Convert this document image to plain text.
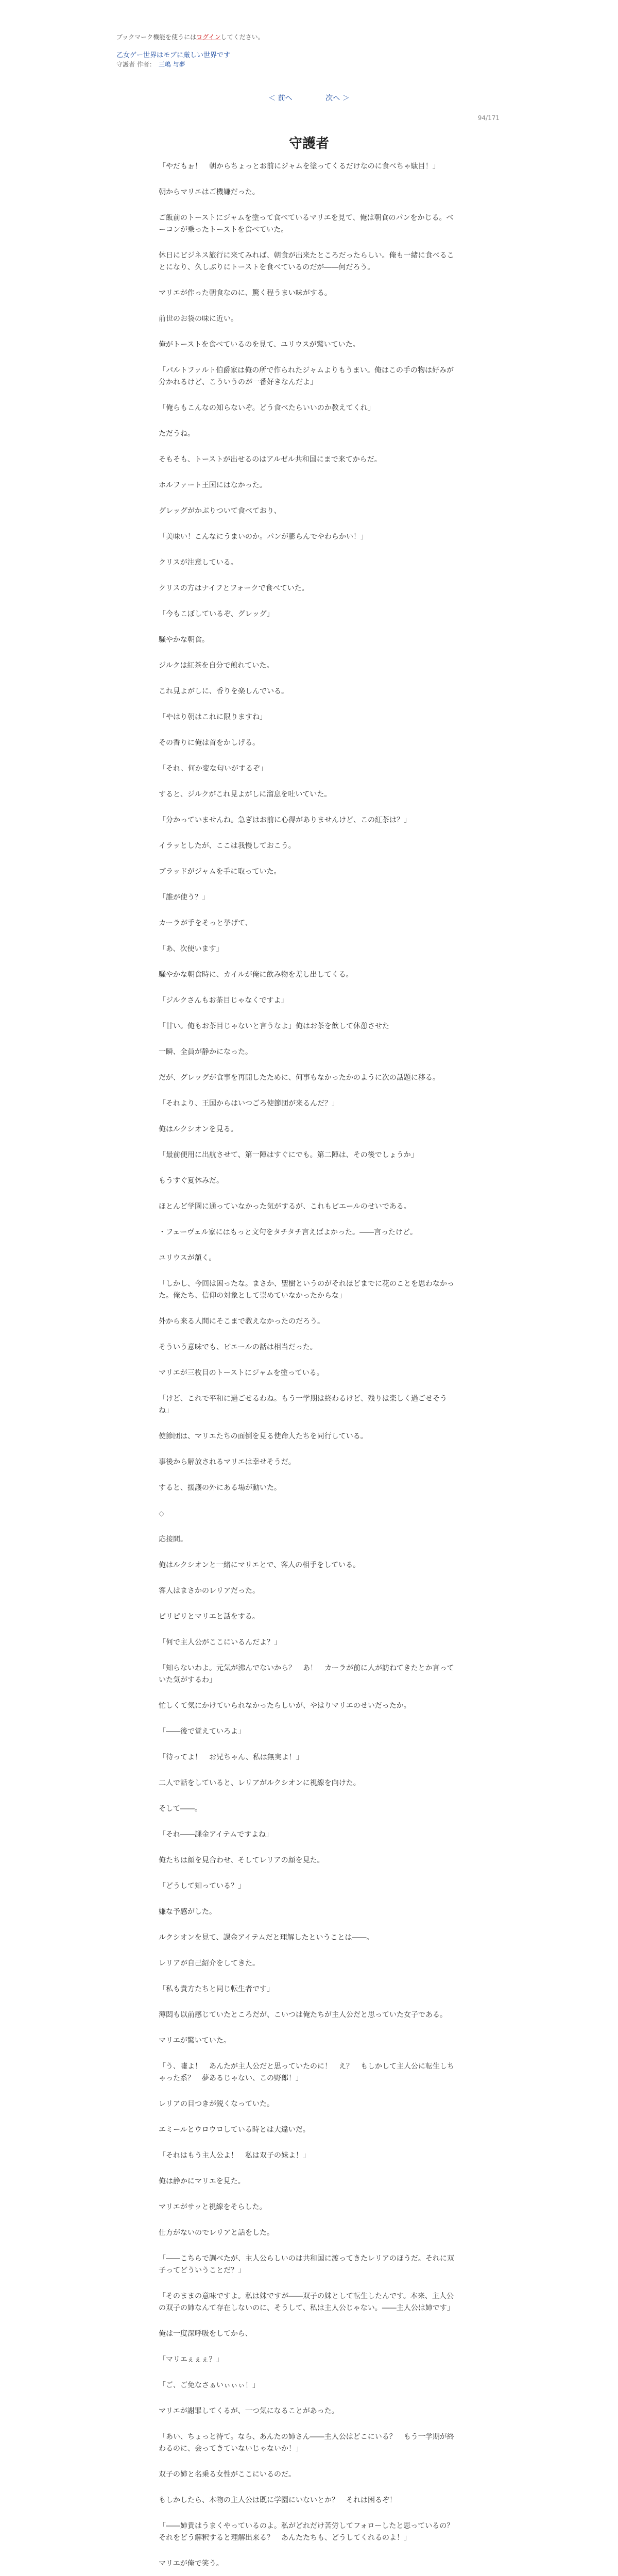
ブックマーク機能を使うにはログインしてください。
乙女ゲー世界はモブに厳しい世界です
守護者 作者： 三嶋 与夢
＜ 前へ	次へ ＞
94/171
守護者

「やだもぉ！　朝からちょっとお前にジャムを塗ってくるだけなのに食べちゃ駄目！」

朝からマリエはご機嫌だった。

ご飯前のトーストにジャムを塗って食べているマリエを見て、俺は朝食のパンをかじる。ベーコンが乗ったトーストを食べていた。

休日にビジネス旅行に来てみれば、朝食が出来たところだったらしい。俺も一緒に食べることになり、久しぶりにトーストを食べているのだが――何だろう。

マリエが作った朝食なのに、驚く程うまい味がする。

前世のお袋の味に近い。

俺がトーストを食べているのを見て、ユリウスが驚いていた。

「パルトファルト伯爵家は俺の所で作られたジャムよりもうまい。俺はこの手の物は好みが分かれるけど、こういうのが一番好きなんだよ」

「俺らもこんなの知らないぞ。どう食べたらいいのか教えてくれ」

ただうね。

そもそも、トーストが出せるのはアルゼル共和国にまで来てからだ。

ホルファート王国にはなかった。

グレッグがかぶりついて食べており、

「美味い！こんなにうまいのか。パンが膨らんでやわらかい！」

クリスが注意している。

クリスの方はナイフとフォークで食べていた。

「今もこぼしているぞ、グレッグ」

騒やかな朝食。

ジルクは紅茶を自分で煎れていた。

これ見よがしに、香りを楽しんでいる。

「やはり朝はこれに限りますね」

その香りに俺は首をかしげる。

「それ、何か変な匂いがするぞ」

すると、ジルクがこれ見よがしに溜息を吐いていた。

「分かっていませんね。急ぎはお前に心得がありませんけど、この紅茶は？」

イラッとしたが、ここは我慢しておこう。

ブラッドがジャムを手に取っていた。

「誰が使う？」

カーラが手をそっと挙げて、

「あ、次使います」

騒やかな朝食時に、カイルが俺に飲み物を差し出してくる。

「ジルクさんもお茶目じゃなくですよ」

「甘い。俺もお茶目じゃないと言うなよ」俺はお茶を飲して休憩させた

一瞬、全員が静かになった。

だが、グレッグが食事を再開したために、何事もなかったかのように次の話題に移る。

「それより、王国からはいつごろ使節団が来るんだ？」

俺はルクシオンを見る。

「最前便用に出航させて、第一陣はすぐにでも。第二陣は、その後でしょうか」

もうすぐ夏休みだ。

ほとんど学園に通っていなかった気がするが、これもピエールのせいである。

・フェーヴェル家にはもっと文句をタチタチ言えばよかった。――言ったけど。

ユリウスが頷く。

「しかし、今回は困ったな。まさか、聖樹というのがそれほどまでに花のことを思わなかった。俺たち、信仰の対象として崇めていなかったからな」

外から来る人間にそこまで教えなかったのだろう。

そういう意味でも、ピエールの話は相当だった。

マリエが三枚目のトーストにジャムを塗っている。

「けど、これで平和に過ごせるわね。もう一学期は終わるけど、残りは楽しく過ごせそうね」

使節団は、マリエたちの面倒を見る使命人たちを同行している。

事後から解放されるマリエは幸せそうだ。

すると、援護の外にある場が動いた。

◇

応接間。

俺はルクシオンと一緒にマリエとで、客人の相手をしている。

客人はまさかのレリアだった。

ピリピリとマリエと話をする。

「何で主人公がここにいるんだよ？」

「知らないわよ。元気が沸んでないから？　あ！　カーラが前に人が訪ねてきたとか言っていた気がするわ」

忙しくて気にかけていられなかったらしいが、やはりマリエのせいだったか。

「――後で覚えていろよ」

「待ってよ！　お兄ちゃん、私は無実よ！」

二人で話をしていると、レリアがルクシオンに視線を向けた。

そして――。

「それ――課金アイテムですよね」

俺たちは顔を見合わせ、そしてレリアの顔を見た。

「どうして知っている？」

嫌な予感がした。

ルクシオンを見て、課金アイテムだと理解したということは――。

レリアが自己紹介をしてきた。

「私も貴方たちと同じ転生者です」

薄悶も以前感じていたところだが、こいつは俺たちが主人公だと思っていた女子である。

マリエが驚いていた。

「う、嘘よ！　あんたが主人公だと思っていたのに！　え？　もしかして主人公に転生しちゃった系？　夢あるじゃない、この野郎！」

レリアの目つきが鋭くなっていた。

エミールとウロウロしている時とは大違いだ。

「それはもう主人公よ！　私は双子の妹よ！」

俺は静かにマリエを見た。

マリエがサッと視線をそらした。

仕方がないのでレリアと話をした。

「――こちらで調べたが、主人公らしいのは共和国に渡ってきたレリアのほうだ。それに双子ってどういうことだ？」

「そのままの意味ですよ。私は妹ですが――双子の妹として転生したんです。本来、主人公の双子の姉なんて存在しないのに、そうして、私は主人公じゃない。――主人公は姉です」

俺は一度深呼吸をしてから、

「マリエぇぇぇ？」

「ご、ご免なさぁいぃぃぃ！」

マリエが謝罪してくるが、一つ気になることがあった。

「あい、ちょっと待て。なら、あんたの姉さん――主人公はどこにいる？　もう一学期が終わるのに、会ってきていないじゃないか！」

双子の姉と名乗る女性がここにいるのだ。

もしかしたら、本物の主人公は既に学園にいないとか？　それは困るぞ！

「――姉貴はうまくやっているのよ。私がどれだけ苦労してフォローしたと思っているの？　それをどう解釈すると理解出来る？　あんたたちも、どうしてくれるのよ！」

マリエが俺で笑う。
